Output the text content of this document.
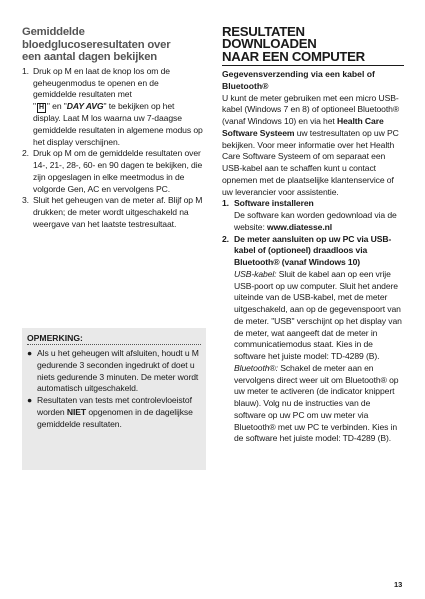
Gemiddelde
bloedglucoseresultaten over
een aantal dagen bekijken
1. Druk op M en laat de knop los om de geheugenmodus te openen en de gemiddelde resultaten met
" H " en "DAY AVG" te bekijken op het display. Laat M los waarna uw 7-daagse gemiddelde resultaten in algemene modus op het display verschijnen.
2. Druk op M om de gemiddelde resultaten over 14-, 21-, 28-, 60- en 90 dagen te bekijken, die zijn opgeslagen in elke meetmodus in de volgorde Gen, AC en vervolgens PC.
3. Sluit het geheugen van de meter af. Blijf op M drukken; de meter wordt uitgeschakeld na weergave van het laatste testresultaat.
OPMERKING:
● Als u het geheugen wilt afsluiten, houdt u M gedurende 3 seconden ingedrukt of doet u niets gedurende 3 minuten. De meter wordt automatisch uitgeschakeld.
● Resultaten van tests met controlevloeistof worden NIET opgenomen in de dagelijkse gemiddelde resultaten.
RESULTATEN
DOWNLOADEN
NAAR EEN COMPUTER
Gegevensverzending via een kabel of Bluetooth®
U kunt de meter gebruiken met een micro USB-kabel (Windows 7 en 8) of optioneel Bluetooth® (vanaf Windows 10) en via het Health Care Software Systeem uw testresultaten op uw PC bekijken. Voor meer informatie over het Health Care Software Systeem of om separaat een USB-kabel aan te schaffen kunt u contact opnemen met de plaatselijke klantenservice of uw leverancier voor assistentie.
1. Software installeren
De software kan worden gedownload via de website: www.diatesse.nl
2. De meter aansluiten op uw PC via USB-kabel of (optioneel) draadloos via Bluetooth® (vanaf Windows 10)
USB-kabel: Sluit de kabel aan op een vrije USB-poort op uw computer. Sluit het andere uiteinde van de USB-kabel, met de meter uitgeschakeld, aan op de gegevenspoort van de meter. "USB" verschijnt op het display van de meter, wat aangeeft dat de meter in communicatiemodus staat. Kies in de software het juiste model: TD-4289 (B).
Bluetooth®: Schakel de meter aan en vervolgens direct weer uit om Bluetooth® op uw meter te activeren (de indicator knippert blauw). Volg nu de instructies van de software op uw PC om uw meter via Bluetooth® met uw PC te verbinden. Kies in de software het juiste model: TD-4289 (B).
13
